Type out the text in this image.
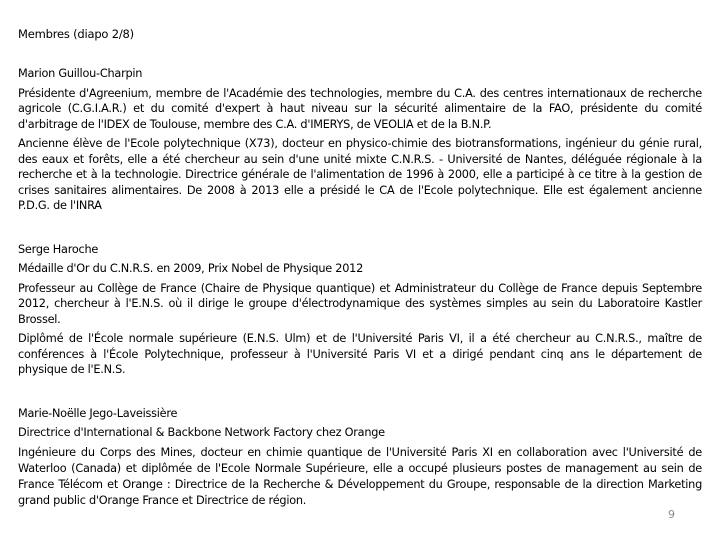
Membres (diapo 2/8)
Marion Guillou-Charpin
Présidente d'Agreenium, membre de l'Académie des technologies, membre du C.A. des centres internationaux de recherche agricole (C.G.I.A.R.) et du comité d'expert à haut niveau sur la sécurité alimentaire de la FAO, présidente du comité d'arbitrage de l'IDEX de Toulouse, membre des C.A. d'IMERYS, de VEOLIA et de la B.N.P.
Ancienne élève de l'Ecole polytechnique (X73), docteur en physico-chimie des biotransformations, ingénieur du génie rural, des eaux et forêts, elle a été chercheur au sein d'une unité mixte C.N.R.S. - Université de Nantes, déléguée régionale à la recherche et à la technologie. Directrice générale de l'alimentation de 1996 à 2000, elle a participé à ce titre à la gestion de crises sanitaires alimentaires. De 2008 à 2013 elle a présidé le CA de l'Ecole polytechnique. Elle est également ancienne P.D.G. de l'INRA
Serge Haroche
Médaille d'Or du C.N.R.S. en 2009, Prix Nobel de Physique 2012
Professeur au Collège de France (Chaire de Physique quantique) et Administrateur du Collège de France depuis Septembre 2012, chercheur à l'E.N.S. où il dirige le groupe d'électrodynamique des systèmes simples au sein du Laboratoire Kastler Brossel.
Diplômé de l'École normale supérieure (E.N.S. Ulm) et de l'Université Paris VI, il a été chercheur au C.N.R.S., maître de conférences à l'École Polytechnique, professeur à l'Université Paris VI et a dirigé pendant cinq ans le département de physique de l'E.N.S.
Marie-Noëlle Jego-Laveissière
Directrice d'International & Backbone Network Factory chez Orange
Ingénieure du Corps des Mines, docteur en chimie quantique de l'Université Paris XI en collaboration avec l'Université de Waterloo (Canada) et diplômée de l'Ecole Normale Supérieure, elle a occupé plusieurs postes de management au sein de France Télécom et Orange : Directrice de la Recherche & Développement du Groupe, responsable de la direction Marketing grand public d'Orange France et Directrice de région.
9
